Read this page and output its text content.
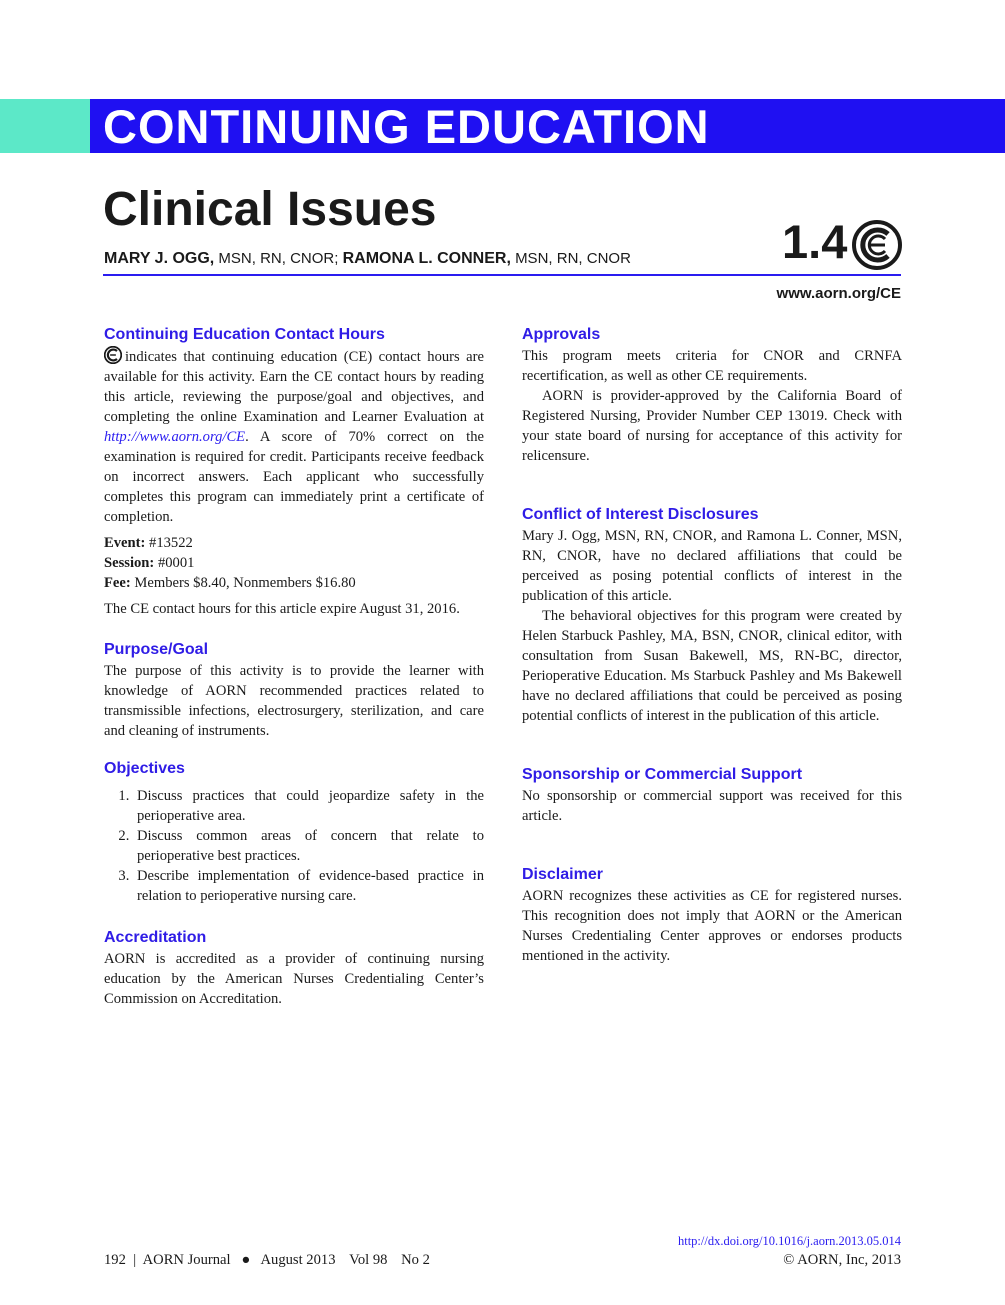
CONTINUING EDUCATION
Clinical Issues
MARY J. OGG, MSN, RN, CNOR; RAMONA L. CONNER, MSN, RN, CNOR	1.4
www.aorn.org/CE
Continuing Education Contact Hours

indicates that continuing education (CE) contact hours are available for this activity. Earn the CE contact hours by reading this article, reviewing the purpose/goal and objectives, and completing the online Examination and Learner Evaluation at http://www.aorn.org/CE. A score of 70% correct on the examination is required for credit. Participants receive feedback on incorrect answers. Each applicant who successfully completes this program can immediately print a certificate of completion.

Event: #13522

Session: #0001

Fee: Members $8.40, Nonmembers $16.80

The CE contact hours for this article expire August 31, 2016.

Purpose/Goal

The purpose of this activity is to provide the learner with knowledge of AORN recommended practices related to transmissible infections, electrosurgery, sterilization, and care and cleaning of instruments.

Objectives
1. Discuss practices that could jeopardize safety in the perioperative area.
2. Discuss common areas of concern that relate to perioperative best practices.
3. Describe implementation of evidence-based practice in relation to perioperative nursing care.
Accreditation

AORN is accredited as a provider of continuing nursing education by the American Nurses Credentialing Center’s Commission on Accreditation.

Approvals

This program meets criteria for CNOR and CRNFA recertification, as well as other CE requirements.

AORN is provider-approved by the California Board of Registered Nursing, Provider Number CEP 13019. Check with your state board of nursing for acceptance of this activity for relicensure.

Conflict of Interest Disclosures

Mary J. Ogg, MSN, RN, CNOR, and Ramona L. Conner, MSN, RN, CNOR, have no declared affiliations that could be perceived as posing potential conflicts of interest in the publication of this article.

The behavioral objectives for this program were created by Helen Starbuck Pashley, MA, BSN, CNOR, clinical editor, with consultation from Susan Bakewell, MS, RN-BC, director, Perioperative Education. Ms Starbuck Pashley and Ms Bakewell have no declared affiliations that could be perceived as posing potential conflicts of interest in the publication of this article.

Sponsorship or Commercial Support

No sponsorship or commercial support was received for this article.

Disclaimer

AORN recognizes these activities as CE for registered nurses. This recognition does not imply that AORN or the American Nurses Credentialing Center approves or endorses products mentioned in the activity.

192  |  AORN Journal   ●   August 2013 Vol 98 No 2
http://dx.doi.org/10.1016/j.aorn.2013.05.014
© AORN, Inc, 2013
